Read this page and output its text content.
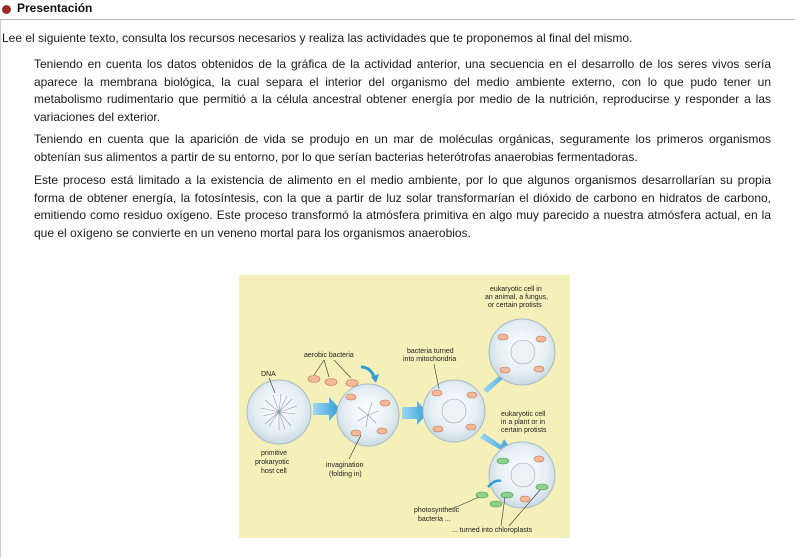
Presentación

Lee el siguiente texto, consulta los recursos necesarios y realiza las actividades que te proponemos al final del mismo.

Teniendo en cuenta los datos obtenidos de la gráfica de la actividad anterior, una secuencia en el desarrollo de los seres vivos sería aparece la membrana biológica, la cual separa el interior del organismo del medio ambiente externo, con lo que pudo tener un metabolismo rudimentario que permitió a la célula ancestral obtener energía por medio de la nutrición, reproducirse y responder a las variaciones del exterior.

Teniendo en cuenta que la aparición de vida se produjo en un mar de moléculas orgánicas, seguramente los primeros organismos obtenían sus alimentos a partir de su entorno, por lo que serían bacterias heterótrofas anaerobias fermentadoras.

Este proceso está limitado a la existencia de alimento en el medio ambiente, por lo que algunos organismos desarrollarían su propia forma de obtener energía, la fotosíntesis, con la que a partir de luz solar transformarían el dióxido de carbono en hidratos de carbono, emitiendo como residuo oxígeno. Este proceso transformó la atmósfera primitiva en algo muy parecido a nuestra atmósfera actual, en la que el oxígeno se convierte en un veneno mortal para los organismos anaerobios.

DNA
primitive
prokaryotic
host cell
aerobic bacteria
invagination
(folding in)
bacteria turned
into mitochondria
eukaryotic cell in
an animal, a fungus,
or certain protists
eukaryotic cell
in a plant or in
certain protists
photosynthetic
bacteria ...
... turned into chloroplasts
